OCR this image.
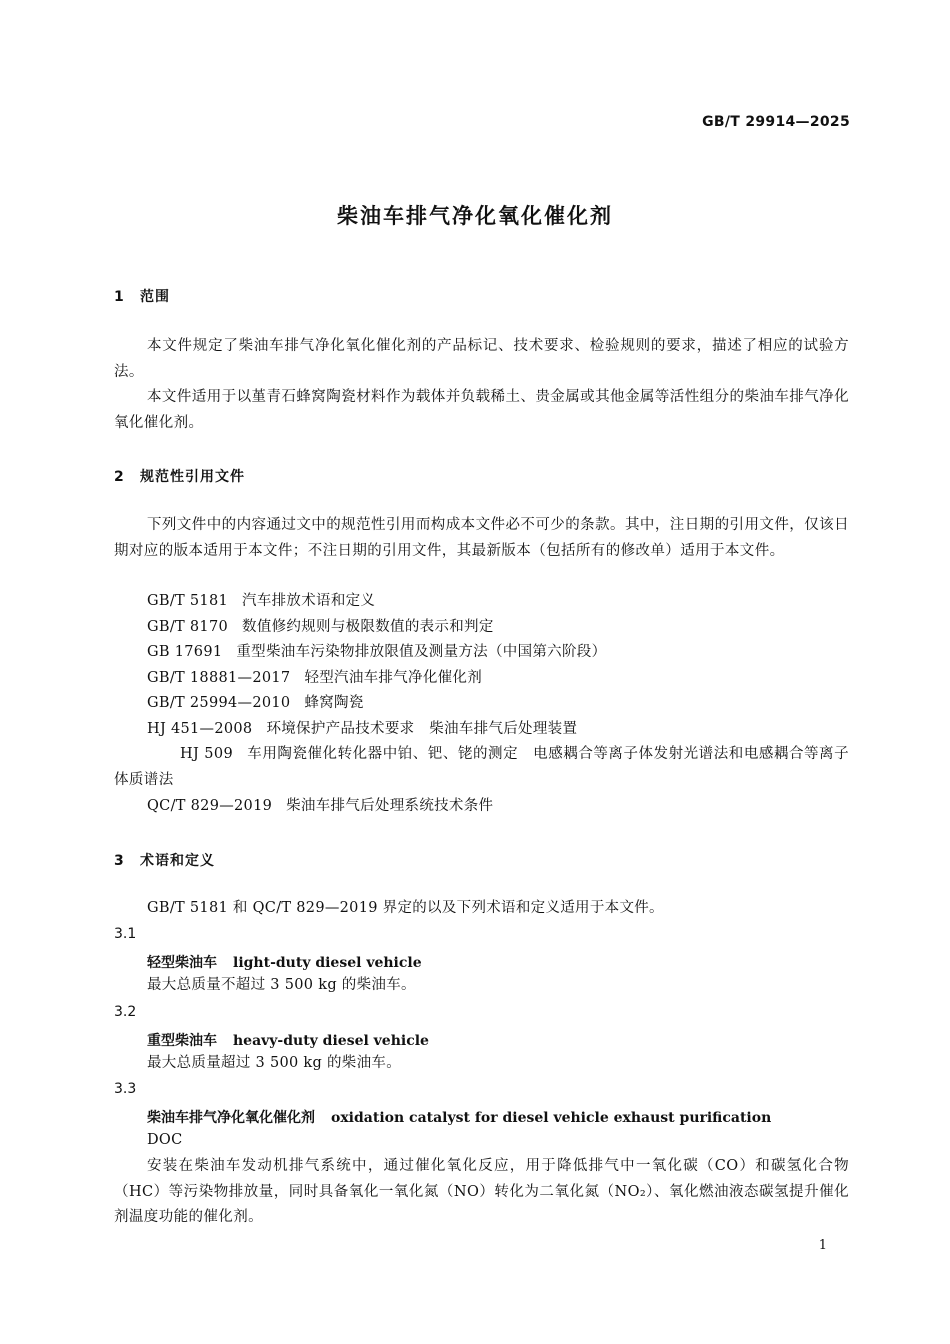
GB/T 29914—2025
柴油车排气净化氧化催化剂
1 范围
本文件规定了柴油车排气净化氧化催化剂的产品标记、技术要求、检验规则的要求，描述了相应的试验方法。
本文件适用于以堇青石蜂窝陶瓷材料作为载体并负载稀土、贵金属或其他金属等活性组分的柴油车排气净化氧化催化剂。
2 规范性引用文件
下列文件中的内容通过文中的规范性引用而构成本文件必不可少的条款。其中，注日期的引用文件，仅该日期对应的版本适用于本文件；不注日期的引用文件，其最新版本（包括所有的修改单）适用于本文件。
GB/T 5181 汽车排放术语和定义
GB/T 8170 数值修约规则与极限数值的表示和判定
GB 17691 重型柴油车污染物排放限值及测量方法（中国第六阶段）
GB/T 18881—2017 轻型汽油车排气净化催化剂
GB/T 25994—2010 蜂窝陶瓷
HJ 451—2008 环境保护产品技术要求　柴油车排气后处理装置
HJ 509 车用陶瓷催化转化器中铂、钯、铑的测定　电感耦合等离子体发射光谱法和电感耦合等离子体质谱法
QC/T 829—2019 柴油车排气后处理系统技术条件
3 术语和定义
GB/T 5181 和 QC/T 829—2019 界定的以及下列术语和定义适用于本文件。
3.1
轻型柴油车 light-duty diesel vehicle
最大总质量不超过 3 500 kg 的柴油车。
3.2
重型柴油车 heavy-duty diesel vehicle
最大总质量超过 3 500 kg 的柴油车。
3.3
柴油车排气净化氧化催化剂 oxidation catalyst for diesel vehicle exhaust purification
DOC
安装在柴油车发动机排气系统中，通过催化氧化反应，用于降低排气中一氧化碳（CO）和碳氢化合物（HC）等污染物排放量，同时具备氧化一氧化氮（NO）转化为二氧化氮（NO₂）、氧化燃油液态碳氢提升催化剂温度功能的催化剂。
1
